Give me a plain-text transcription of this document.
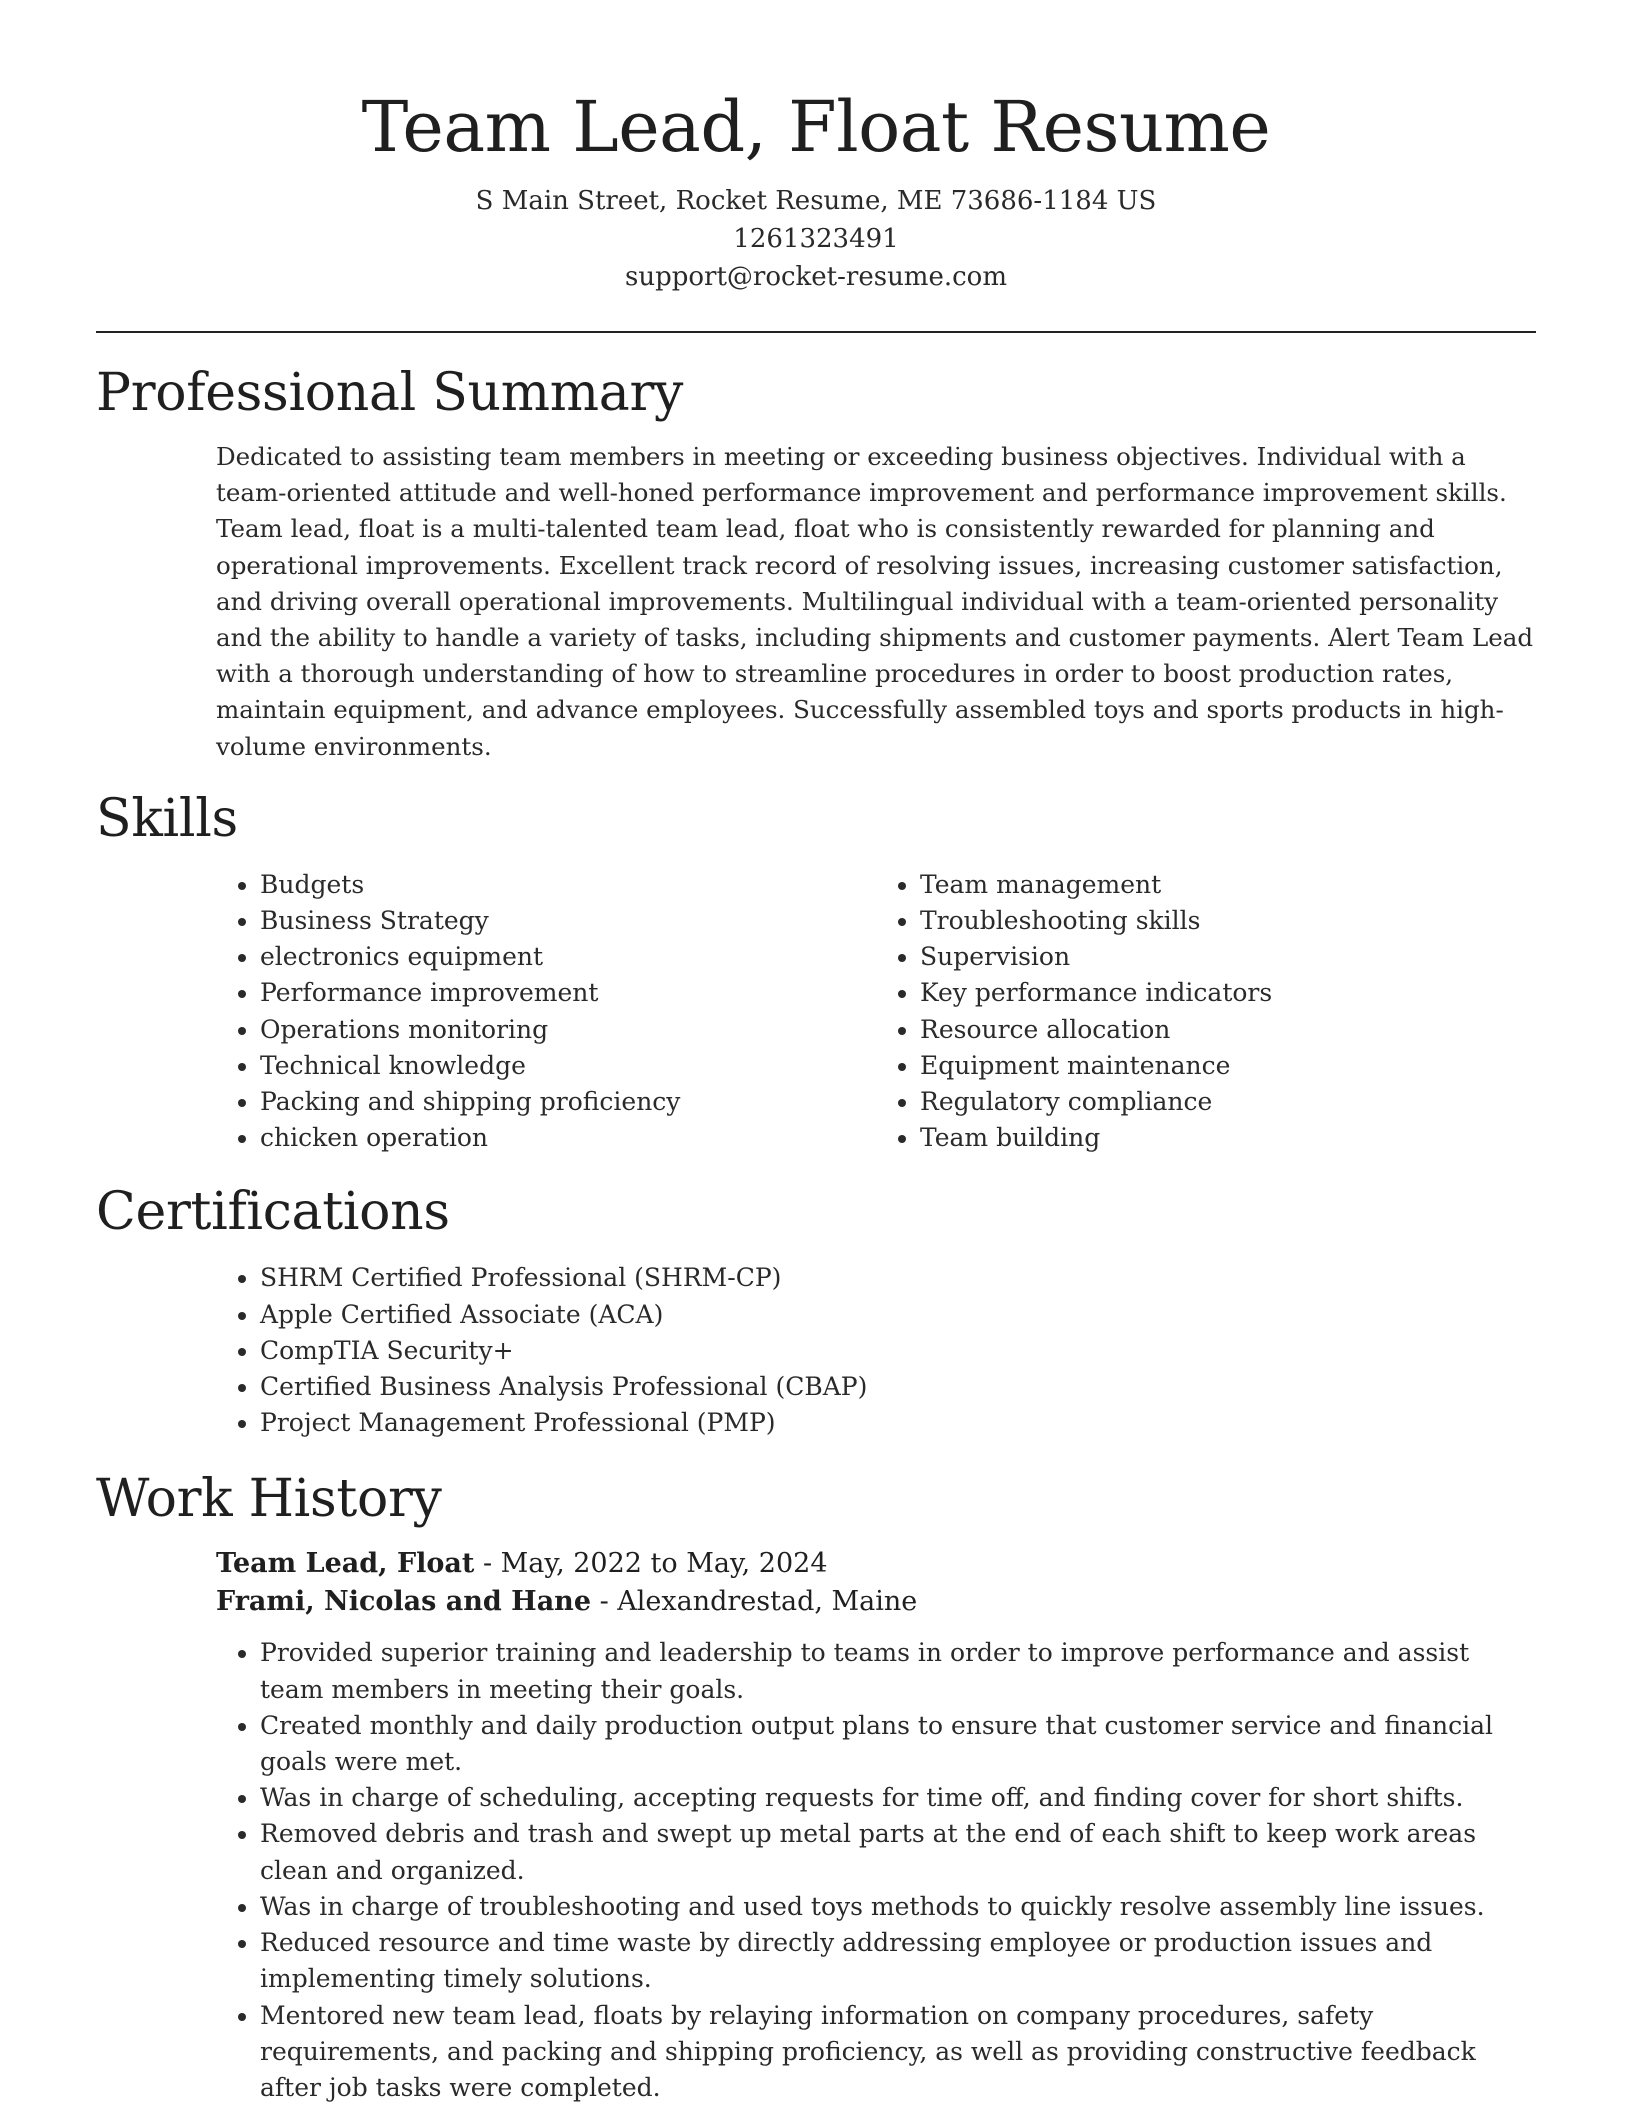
Team Lead, Float Resume

S Main Street, Rocket Resume, ME 73686-1184 US

1261323491

support@rocket-resume.com

Professional Summary

Dedicated to assisting team members in meeting or exceeding business objectives. Individual with a team-oriented attitude and well-honed performance improvement and performance improvement skills. Team lead, float is a multi-talented team lead, float who is consistently rewarded for planning and operational improvements. Excellent track record of resolving issues, increasing customer satisfaction, and driving overall operational improvements. Multilingual individual with a team-oriented personality and the ability to handle a variety of tasks, including shipments and customer payments. Alert Team Lead with a thorough understanding of how to streamline procedures in order to boost production rates, maintain equipment, and advance employees. Successfully assembled toys and sports products in high-volume environments.

Skills
• Budgets
• Business Strategy
• electronics equipment
• Performance improvement
• Operations monitoring
• Technical knowledge
• Packing and shipping proficiency
• chicken operation
• Team management
• Troubleshooting skills
• Supervision
• Key performance indicators
• Resource allocation
• Equipment maintenance
• Regulatory compliance
• Team building
Certifications
• SHRM Certified Professional (SHRM-CP)
• Apple Certified Associate (ACA)
• CompTIA Security+
• Certified Business Analysis Professional (CBAP)
• Project Management Professional (PMP)
Work History
Team Lead, Float - May, 2022 to May, 2024
Frami, Nicolas and Hane - Alexandrestad, Maine
• Provided superior training and leadership to teams in order to improve performance and assist team members in meeting their goals.
• Created monthly and daily production output plans to ensure that customer service and financial goals were met.
• Was in charge of scheduling, accepting requests for time off, and finding cover for short shifts.
• Removed debris and trash and swept up metal parts at the end of each shift to keep work areas clean and organized.
• Was in charge of troubleshooting and used toys methods to quickly resolve assembly line issues.
• Reduced resource and time waste by directly addressing employee or production issues and implementing timely solutions.
• Mentored new team lead, floats by relaying information on company procedures, safety requirements, and packing and shipping proficiency, as well as providing constructive feedback after job tasks were completed.
